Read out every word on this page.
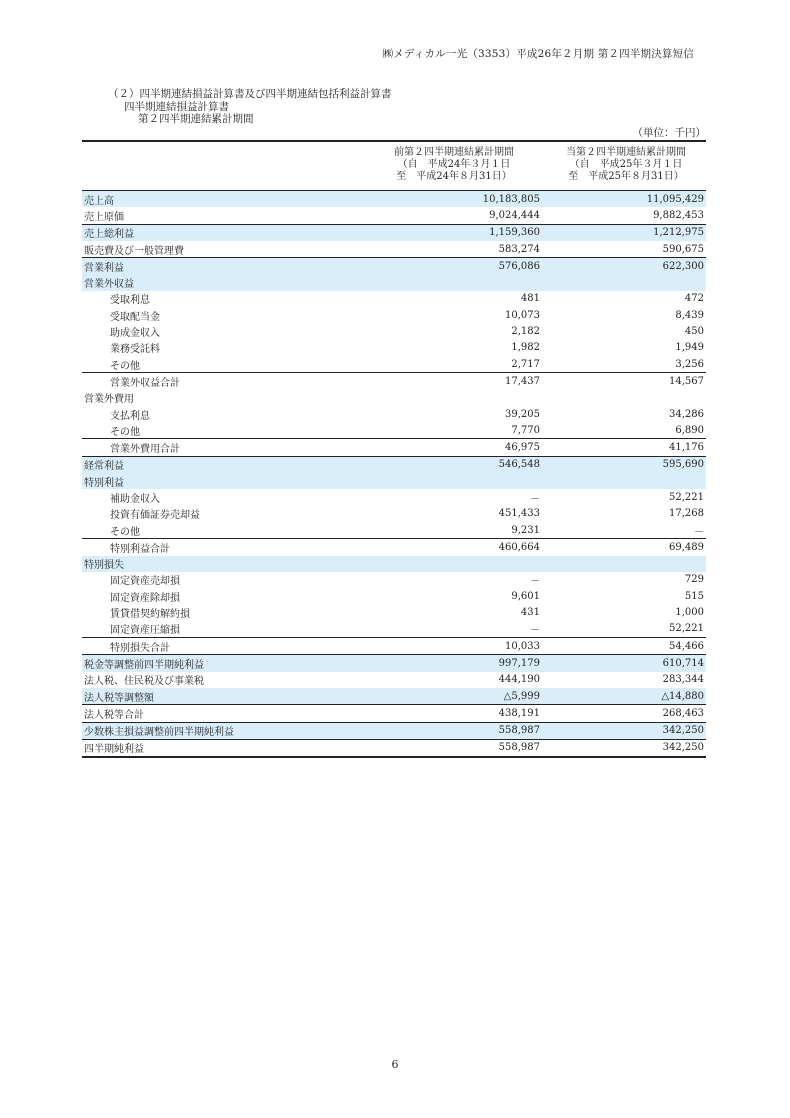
㈱メディカル一光（3353）平成26年２月期 第２四半期決算短信
（２）四半期連結損益計算書及び四半期連結包括利益計算書
四半期連結損益計算書
第２四半期連結累計期間
（単位：千円）
前第２四半期連結累計期間
（自　平成24年３月１日
至　平成24年８月31日）
当第２四半期連結累計期間
（自　平成25年３月１日
至　平成25年８月31日）
売上高	10,183,805	11,095,429
売上原価	9,024,444	9,882,453
売上総利益	1,159,360	1,212,975
販売費及び一般管理費	583,274	590,675
営業利益	576,086	622,300
営業外収益
受取利息	481	472
受取配当金	10,073	8,439
助成金収入	2,182	450
業務受託料	1,982	1,949
その他	2,717	3,256
営業外収益合計	17,437	14,567
営業外費用
支払利息	39,205	34,286
その他	7,770	6,890
営業外費用合計	46,975	41,176
経常利益	546,548	595,690
特別利益
補助金収入	－	52,221
投資有価証券売却益	451,433	17,268
その他	9,231	－
特別利益合計	460,664	69,489
特別損失
固定資産売却損	－	729
固定資産除却損	9,601	515
賃貸借契約解約損	431	1,000
固定資産圧縮損	－	52,221
特別損失合計	10,033	54,466
税金等調整前四半期純利益	997,179	610,714
法人税、住民税及び事業税	444,190	283,344
法人税等調整額	△5,999	△14,880
法人税等合計	438,191	268,463
少数株主損益調整前四半期純利益	558,987	342,250
四半期純利益	558,987	342,250
6
